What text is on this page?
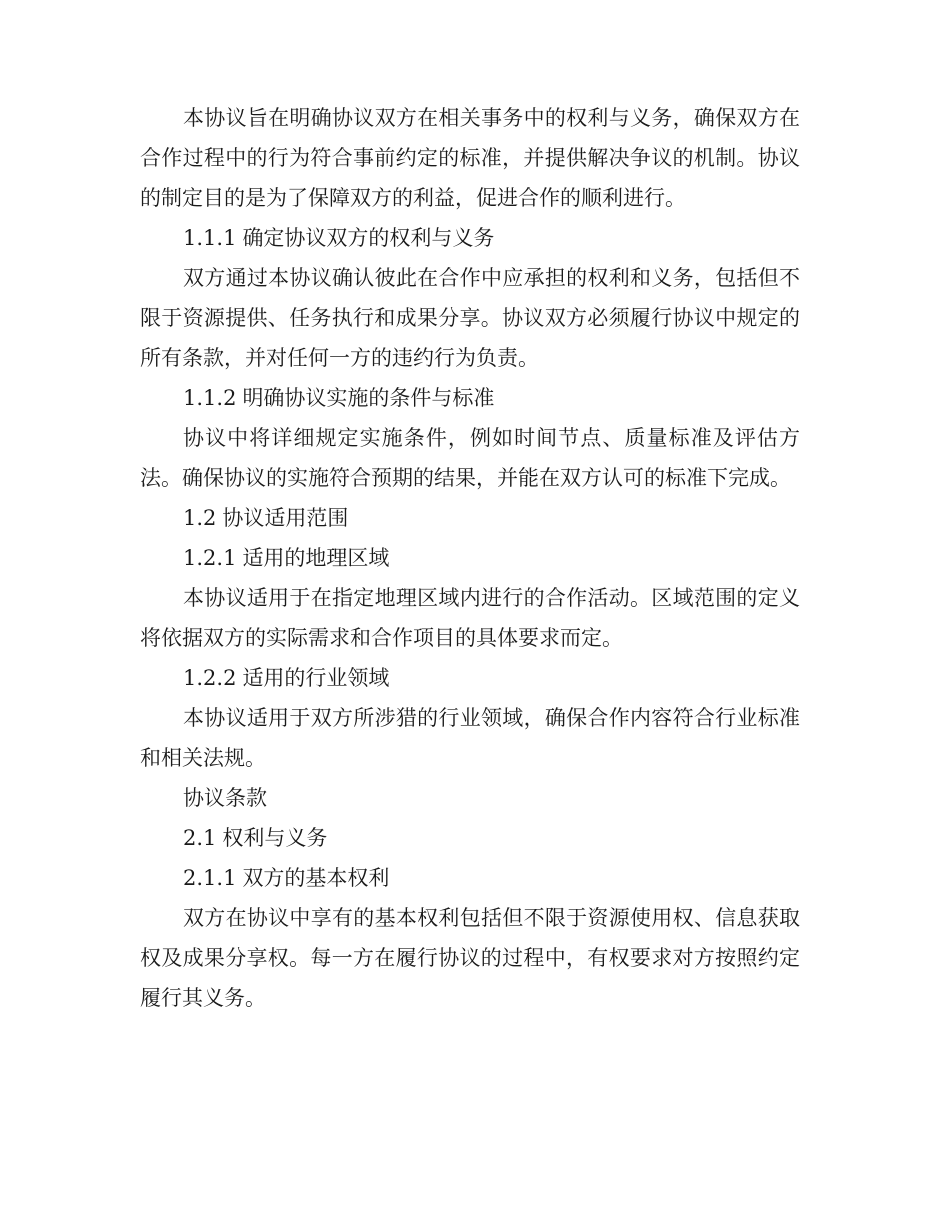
本协议旨在明确协议双方在相关事务中的权利与义务，确保双方在合作过程中的行为符合事前约定的标准，并提供解决争议的机制。协议的制定目的是为了保障双方的利益，促进合作的顺利进行。

1.1.1 确定协议双方的权利与义务

双方通过本协议确认彼此在合作中应承担的权利和义务，包括但不限于资源提供、任务执行和成果分享。协议双方必须履行协议中规定的所有条款，并对任何一方的违约行为负责。

1.1.2 明确协议实施的条件与标准

协议中将详细规定实施条件，例如时间节点、质量标准及评估方法。确保协议的实施符合预期的结果，并能在双方认可的标准下完成。

1.2 协议适用范围

1.2.1 适用的地理区域

本协议适用于在指定地理区域内进行的合作活动。区域范围的定义将依据双方的实际需求和合作项目的具体要求而定。

1.2.2 适用的行业领域

本协议适用于双方所涉猎的行业领域，确保合作内容符合行业标准和相关法规。

协议条款

2.1 权利与义务

2.1.1 双方的基本权利

双方在协议中享有的基本权利包括但不限于资源使用权、信息获取权及成果分享权。每一方在履行协议的过程中，有权要求对方按照约定履行其义务。
